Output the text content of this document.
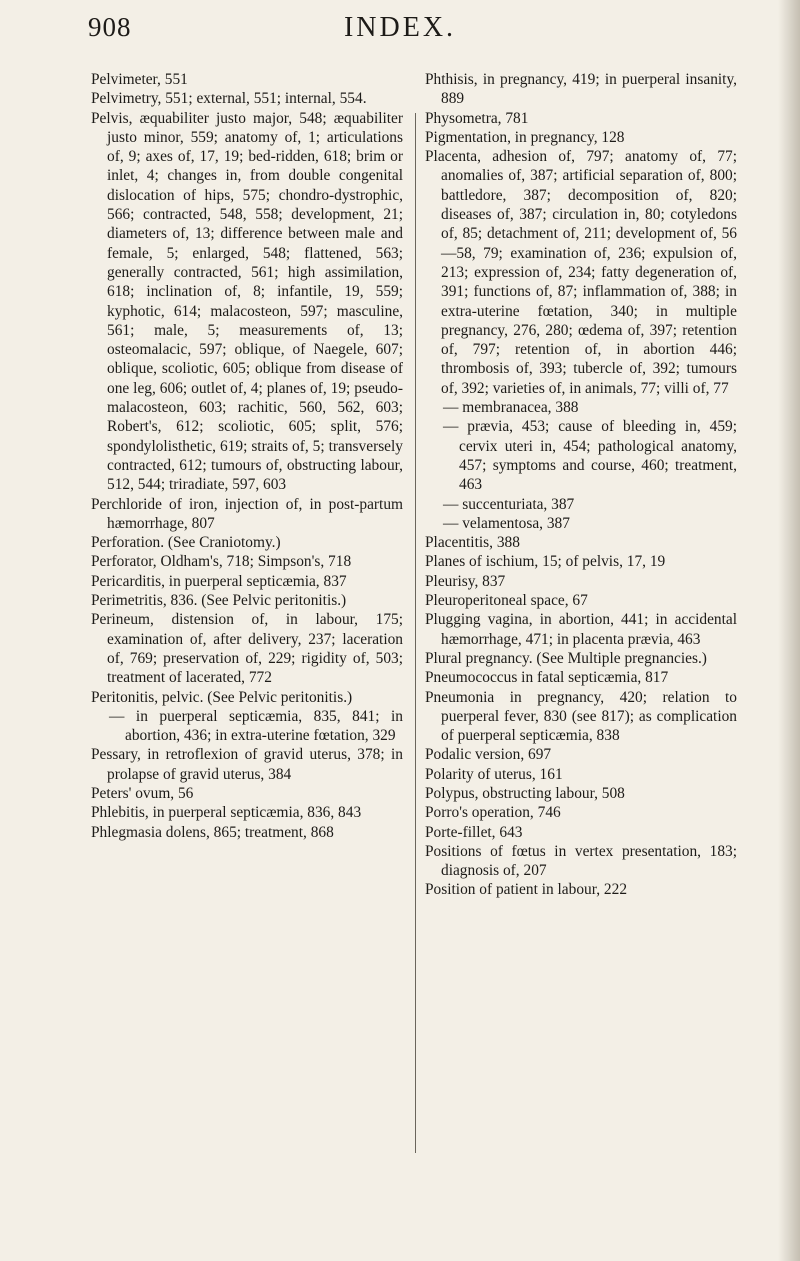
INDEX.
908

Pelvimeter, 551

Pelvimetry, 551; external, 551; internal, 554.

Pelvis, æquabiliter justo major, 548; æquabiliter justo minor, 559; anatomy of, 1; articulations of, 9; axes of, 17, 19; bed-ridden, 618; brim or inlet, 4; changes in, from double congenital dislocation of hips, 575; chondro-dystrophic, 566; contracted, 548, 558; development, 21; diameters of, 13; difference between male and female, 5; enlarged, 548; flattened, 563; generally contracted, 561; high assimilation, 618; inclination of, 8; infantile, 19, 559; kyphotic, 614; malacosteon, 597; masculine, 561; male, 5; measurements of, 13; osteomalacic, 597; oblique, of Naegele, 607; oblique, scoliotic, 605; oblique from disease of one leg, 606; outlet of, 4; planes of, 19; pseudo-malacosteon, 603; rachitic, 560, 562, 603; Robert's, 612; scoliotic, 605; split, 576; spondylolisthetic, 619; straits of, 5; transversely contracted, 612; tumours of, obstructing labour, 512, 544; triradiate, 597, 603

Perchloride of iron, injection of, in post-partum hæmorrhage, 807

Perforation. (See Craniotomy.)

Perforator, Oldham's, 718; Simpson's, 718

Pericarditis, in puerperal septicæmia, 837

Perimetritis, 836. (See Pelvic peritonitis.)

Perineum, distension of, in labour, 175; examination of, after delivery, 237; laceration of, 769; preservation of, 229; rigidity of, 503; treatment of lacerated, 772

Peritonitis, pelvic. (See Pelvic peritonitis.)

— in puerperal septicæmia, 835, 841; in abortion, 436; in extra-uterine fœtation, 329

Pessary, in retroflexion of gravid uterus, 378; in prolapse of gravid uterus, 384

Peters' ovum, 56

Phlebitis, in puerperal septicæmia, 836, 843

Phlegmasia dolens, 865; treatment, 868

Phthisis, in pregnancy, 419; in puerperal insanity, 889

Physometra, 781

Pigmentation, in pregnancy, 128

Placenta, adhesion of, 797; anatomy of, 77; anomalies of, 387; artificial separation of, 800; battledore, 387; decomposition of, 820; diseases of, 387; circulation in, 80; cotyledons of, 85; detachment of, 211; development of, 56—58, 79; examination of, 236; expulsion of, 213; expression of, 234; fatty degeneration of, 391; functions of, 87; inflammation of, 388; in extra-uterine fœtation, 340; in multiple pregnancy, 276, 280; œdema of, 397; retention of, 797; retention of, in abortion 446; thrombosis of, 393; tubercle of, 392; tumours of, 392; varieties of, in animals, 77; villi of, 77

— membranacea, 388

— prævia, 453; cause of bleeding in, 459; cervix uteri in, 454; pathological anatomy, 457; symptoms and course, 460; treatment, 463

— succenturiata, 387

— velamentosa, 387

Placentitis, 388

Planes of ischium, 15; of pelvis, 17, 19

Pleurisy, 837

Pleuroperitoneal space, 67

Plugging vagina, in abortion, 441; in accidental hæmorrhage, 471; in placenta prævia, 463

Plural pregnancy. (See Multiple pregnancies.)

Pneumococcus in fatal septicæmia, 817

Pneumonia in pregnancy, 420; relation to puerperal fever, 830 (see 817); as complication of puerperal septicæmia, 838

Podalic version, 697

Polarity of uterus, 161

Polypus, obstructing labour, 508

Porro's operation, 746

Porte-fillet, 643

Positions of fœtus in vertex presentation, 183; diagnosis of, 207

Position of patient in labour, 222
